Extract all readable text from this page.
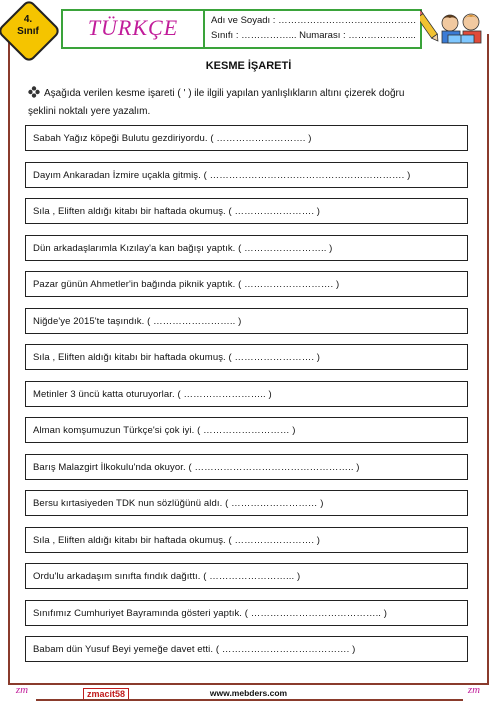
4.
Sınıf	TÜRKÇE	Adı ve Soyadı : ……………………………..………
Sınıfı : ……………... Numarası : ………………....
KESME İŞARETİ
Aşağıda verilen kesme işareti ( ' ) ile ilgili yapılan yanlışlıkların altını çizerek doğru
şeklini noktalı yere yazalım.
Sabah Yağız köpeği Bulutu gezdiriyordu. ( ………………………. )
Dayım Ankaradan İzmire uçakla gitmiş. ( ……………………………………………………. )
Sıla , Eliften aldığı kitabı bir haftada okumuş. ( ……………………. )
Dün arkadaşlarımla Kızılay'a kan bağışı yaptık. ( …………………….. )
Pazar günün Ahmetler'in bağında piknik yaptık. ( ………………………. )
Niğde'ye 2015'te taşındık. ( …………………….. )
Sıla , Eliften aldığı kitabı bir haftada okumuş. ( ……………………. )
Metinler 3 üncü katta oturuyorlar. ( …………………….. )
Alman komşumuzun Türkçe'si çok iyi. ( ……………………… )
Barış Malazgirt İlkokulu'nda okuyor. ( ………………………………………….. )
Bersu kırtasiyeden TDK nun sözlüğünü aldı. ( ……………………… )
Sıla , Eliften aldığı kitabı bir haftada okumuş. ( ……………………. )
Ordu'lu arkadaşım sınıfta fındık dağıttı. ( ……………………... )
Sınıfımız Cumhuriyet Bayramında gösteri yaptık. ( ………………………………….. )
Babam dün Yusuf Beyi yemeğe davet etti. ( …………………………………. )
zm	zmacit58	www.mebders.com	zm
